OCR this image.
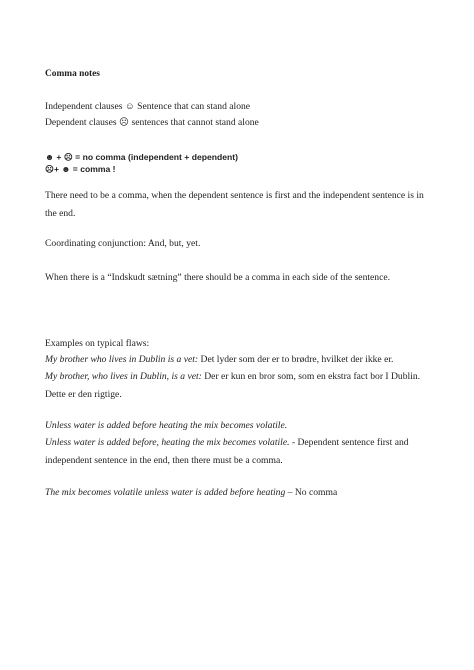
Comma notes
Independent clauses ☺ Sentence that can stand alone
Dependent clauses ☹ sentences that cannot stand alone
☻ + ☹ = no comma (independent + dependent)
☹+ ☻ = comma !
There need to be a comma, when the dependent sentence is first and the independent sentence is in
the end.
Coordinating conjunction: And, but, yet.
When there is a “Indskudt sætning” there should be a comma in each side of the sentence.
Examples on typical flaws:
My brother who lives in Dublin is a vet: Det lyder som der er to brødre, hvilket der ikke er.
My brother, who lives in Dublin, is a vet: Der er kun en bror som, som en ekstra fact bor I Dublin.
Dette er den rigtige.
Unless water is added before heating the mix becomes volatile.
Unless water is added before, heating the mix becomes volatile. - Dependent sentence first and
independent sentence in the end, then there must be a comma.
The mix becomes volatile unless water is added before heating – No comma
